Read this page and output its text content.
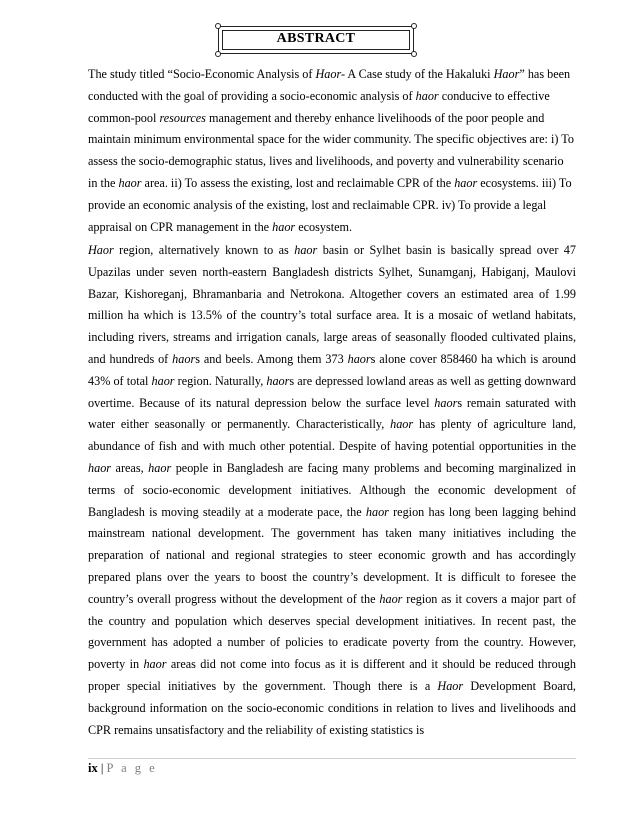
ABSTRACT

The study titled “Socio-Economic Analysis of Haor- A Case study of the Hakaluki Haor” has been conducted with the goal of providing a socio-economic analysis of haor conducive to effective common-pool resources management and thereby enhance livelihoods of the poor people and maintain minimum environmental space for the wider community. The specific objectives are: i) To assess the socio-demographic status, lives and livelihoods, and poverty and vulnerability scenario in the haor area. ii) To assess the existing, lost and reclaimable CPR of the haor ecosystems. iii) To provide an economic analysis of the existing, lost and reclaimable CPR. iv) To provide a legal appraisal on CPR management in the haor ecosystem.

Haor region, alternatively known to as haor basin or Sylhet basin is basically spread over 47 Upazilas under seven north-eastern Bangladesh districts Sylhet, Sunamganj, Habiganj, Maulovi Bazar, Kishoreganj, Bhramanbaria and Netrokona. Altogether covers an estimated area of 1.99 million ha which is 13.5% of the country’s total surface area. It is a mosaic of wetland habitats, including rivers, streams and irrigation canals, large areas of seasonally flooded cultivated plains, and hundreds of haors and beels. Among them 373 haors alone cover 858460 ha which is around 43% of total haor region. Naturally, haors are depressed lowland areas as well as getting downward overtime. Because of its natural depression below the surface level haors remain saturated with water either seasonally or permanently. Characteristically, haor has plenty of agriculture land, abundance of fish and with much other potential. Despite of having potential opportunities in the haor areas, haor people in Bangladesh are facing many problems and becoming marginalized in terms of socio-economic development initiatives. Although the economic development of Bangladesh is moving steadily at a moderate pace, the haor region has long been lagging behind mainstream national development. The government has taken many initiatives including the preparation of national and regional strategies to steer economic growth and has accordingly prepared plans over the years to boost the country’s development. It is difficult to foresee the country’s overall progress without the development of the haor region as it covers a major part of the country and population which deserves special development initiatives. In recent past, the government has adopted a number of policies to eradicate poverty from the country. However, poverty in haor areas did not come into focus as it is different and it should be reduced through proper special initiatives by the government. Though there is a Haor Development Board, background information on the socio-economic conditions in relation to lives and livelihoods and CPR remains unsatisfactory and the reliability of existing statistics is

ix | P a g e
